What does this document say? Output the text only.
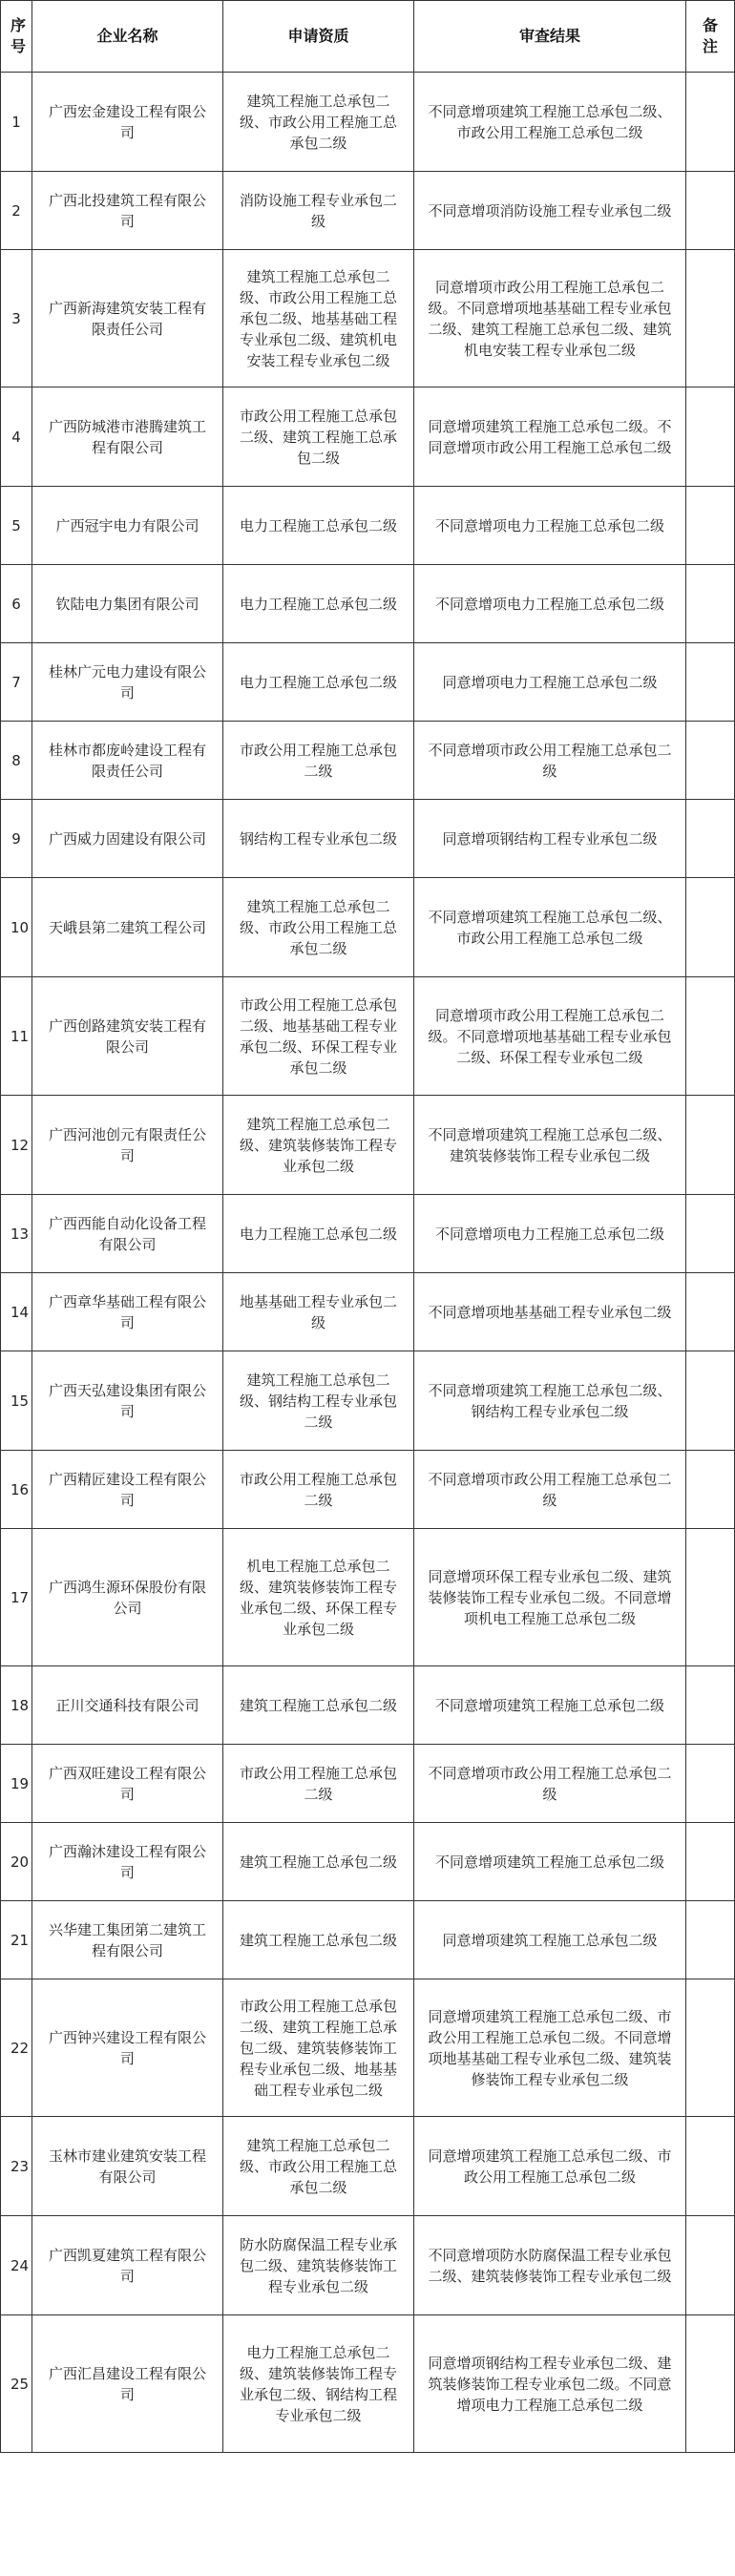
序号	企业名称	申请资质	审查结果	备注
1	广西宏金建设工程有限公司	建筑工程施工总承包二级、市政公用工程施工总承包二级	不同意增项建筑工程施工总承包二级、市政公用工程施工总承包二级	
2	广西北投建筑工程有限公司	消防设施工程专业承包二级	不同意增项消防设施工程专业承包二级	
3	广西新海建筑安装工程有限责任公司	建筑工程施工总承包二级、市政公用工程施工总承包二级、地基基础工程专业承包二级、建筑机电安装工程专业承包二级	同意增项市政公用工程施工总承包二级。不同意增项地基基础工程专业承包二级、建筑工程施工总承包二级、建筑机电安装工程专业承包二级	
4	广西防城港市港腾建筑工程有限公司	市政公用工程施工总承包二级、建筑工程施工总承包二级	同意增项建筑工程施工总承包二级。不同意增项市政公用工程施工总承包二级	
5	广西冠宇电力有限公司	电力工程施工总承包二级	不同意增项电力工程施工总承包二级	
6	钦陆电力集团有限公司	电力工程施工总承包二级	不同意增项电力工程施工总承包二级	
7	桂林广元电力建设有限公司	电力工程施工总承包二级	同意增项电力工程施工总承包二级	
8	桂林市都庞岭建设工程有限责任公司	市政公用工程施工总承包二级	不同意增项市政公用工程施工总承包二级	
9	广西威力固建设有限公司	钢结构工程专业承包二级	同意增项钢结构工程专业承包二级	
10	天峨县第二建筑工程公司	建筑工程施工总承包二级、市政公用工程施工总承包二级	不同意增项建筑工程施工总承包二级、市政公用工程施工总承包二级	
11	广西创路建筑安装工程有限公司	市政公用工程施工总承包二级、地基基础工程专业承包二级、环保工程专业承包二级	同意增项市政公用工程施工总承包二级。不同意增项地基基础工程专业承包二级、环保工程专业承包二级	
12	广西河池创元有限责任公司	建筑工程施工总承包二级、建筑装修装饰工程专业承包二级	不同意增项建筑工程施工总承包二级、建筑装修装饰工程专业承包二级	
13	广西西能自动化设备工程有限公司	电力工程施工总承包二级	不同意增项电力工程施工总承包二级	
14	广西章华基础工程有限公司	地基基础工程专业承包二级	不同意增项地基基础工程专业承包二级	
15	广西天弘建设集团有限公司	建筑工程施工总承包二级、钢结构工程专业承包二级	不同意增项建筑工程施工总承包二级、钢结构工程专业承包二级	
16	广西精匠建设工程有限公司	市政公用工程施工总承包二级	不同意增项市政公用工程施工总承包二级	
17	广西鸿生源环保股份有限公司	机电工程施工总承包二级、建筑装修装饰工程专业承包二级、环保工程专业承包二级	同意增项环保工程专业承包二级、建筑装修装饰工程专业承包二级。不同意增项机电工程施工总承包二级	
18	正川交通科技有限公司	建筑工程施工总承包二级	不同意增项建筑工程施工总承包二级	
19	广西双旺建设工程有限公司	市政公用工程施工总承包二级	不同意增项市政公用工程施工总承包二级	
20	广西瀚沐建设工程有限公司	建筑工程施工总承包二级	不同意增项建筑工程施工总承包二级	
21	兴华建工集团第二建筑工程有限公司	建筑工程施工总承包二级	同意增项建筑工程施工总承包二级	
22	广西钟兴建设工程有限公司	市政公用工程施工总承包二级、建筑工程施工总承包二级、建筑装修装饰工程专业承包二级、地基基础工程专业承包二级	同意增项建筑工程施工总承包二级、市政公用工程施工总承包二级。不同意增项地基基础工程专业承包二级、建筑装修装饰工程专业承包二级	
23	玉林市建业建筑安装工程有限公司	建筑工程施工总承包二级、市政公用工程施工总承包二级	同意增项建筑工程施工总承包二级、市政公用工程施工总承包二级	
24	广西凯夏建筑工程有限公司	防水防腐保温工程专业承包二级、建筑装修装饰工程专业承包二级	不同意增项防水防腐保温工程专业承包二级、建筑装修装饰工程专业承包二级	
25	广西汇昌建设工程有限公司	电力工程施工总承包二级、建筑装修装饰工程专业承包二级、钢结构工程专业承包二级	同意增项钢结构工程专业承包二级、建筑装修装饰工程专业承包二级。不同意增项电力工程施工总承包二级	
